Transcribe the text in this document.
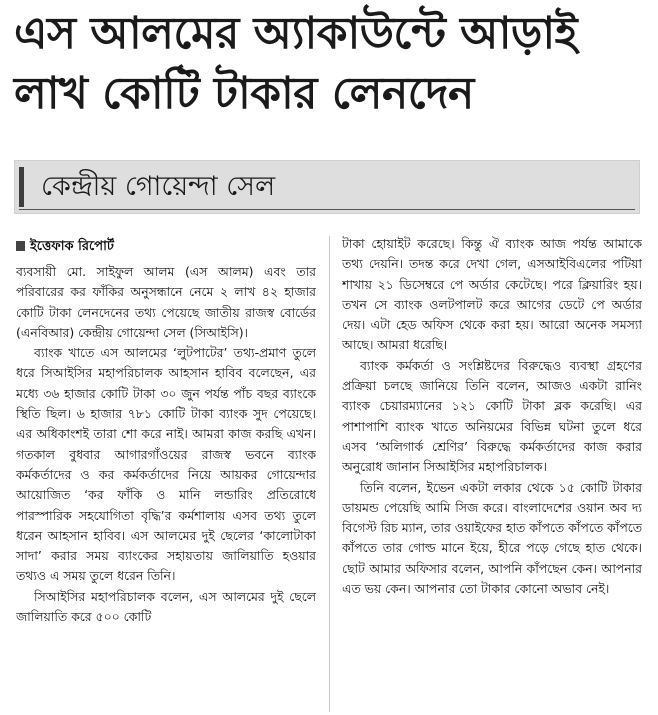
এস আলমের অ্যাকাউন্টে আড়াই
লাখ কোটি টাকার লেনদেন
কেন্দ্রীয় গোয়েন্দা সেল
ইত্তেফাক রিপোর্ট

ব্যবসায়ী মো. সাইফুল আলম (এস আলম) এবং তার পরিবারের কর ফাঁকির অনুসন্ধানে নেমে ২ লাখ ৪২ হাজার কোটি টাকা লেনদেনের তথ্য পেয়েছে জাতীয় রাজস্ব বোর্ডের (এনবিআর) কেন্দ্রীয় গোয়েন্দা সেল (সিআইসি)।

ব্যাংক খাতে এস আলমের ‘লুটপাটের’ তথ্য-প্রমাণ তুলে ধরে সিআইসির মহাপরিচালক আহসান হাবিব বলেছেন, এর মধ্যে ৩৬ হাজার কোটি টাকা ৩০ জুন পর্যন্ত পাঁচ বছর ব্যাংকে স্থিতি ছিল। ৬ হাজার ৭৮১ কোটি টাকা ব্যাংক সুদ পেয়েছে। এর অধিকাংশই তারা শো করে নাই। আমরা কাজ করছি এখন। গতকাল বুধবার আগারগাঁওয়ের রাজস্ব ভবনে ব্যাংক কর্মকর্তাদের ও কর কর্মকর্তাদের নিয়ে আয়কর গোয়েন্দার আয়োজিত ‘কর ফাঁকি ও মানি লন্ডারিং প্রতিরোধে পারস্পারিক সহযোগিতা বৃদ্ধি’র কর্মশালায় এসব তথ্য তুলে ধরেন আহসান হাবিব। এস আলমের দুই ছেলের ‘কালোটাকা সাদা’ করার সময় ব্যাংকের সহায়তায় জালিয়াতি হওয়ার তথ্যও এ সময় তুলে ধরেন তিনি।

সিআইসির মহাপরিচালক বলেন, এস আলমের দুই ছেলে জালিয়াতি করে ৫০০ কোটি

টাকা হোয়াইট করেছে। কিন্তু ঐ ব্যাংক আজ পর্যন্ত আমাকে তথ্য দেয়নি। তদন্ত করে দেখা গেল, এসআইবিএলের পটিয়া শাখায় ২১ ডিসেম্বরে পে অর্ডার কেটেছে। পরে ক্লিয়ারিং হয়। তখন সে ব্যাংক ওলটপালট করে আগের ডেটে পে অর্ডার দেয়। এটা হেড অফিস থেকে করা হয়। আরো অনেক সমস্যা আছে। আমরা ধরেছি।

ব্যাংক কর্মকর্তা ও সংশ্লিষ্টদের বিরুদ্ধেও ব্যবস্থা গ্রহণের প্রক্রিয়া চলছে জানিয়ে তিনি বলেন, আজও একটা রানিং ব্যাংক চেয়ারম্যানের ১২১ কোটি টাকা ব্লক করেছি। এর পাশাপাশি ব্যাংক খাতে অনিয়মের বিভিন্ন ঘটনা তুলে ধরে এসব ‘অলিগার্ক শ্রেণির’ বিরুদ্ধে কর্মকর্তাদের কাজ করার অনুরোধ জানান সিআইসির মহাপরিচালক।

তিনি বলেন, ইভেন একটা লকার থেকে ১৫ কোটি টাকার ডায়মন্ড পেয়েছি আমি সিজ করে। বাংলাদেশের ওয়ান অব দ্য বিগেস্ট রিচ ম্যান, তার ওয়াইফের হাত কাঁপতে কাঁপতে কাঁপতে কাঁপতে তার গোল্ড মানে ইয়ে, হীরে পড়ে গেছে হাত থেকে। ছোট আমার অফিসার বলেন, আপনি কাঁপছেন কেন। আপনার এত ভয় কেন। আপনার তো টাকার কোনো অভাব নেই।
